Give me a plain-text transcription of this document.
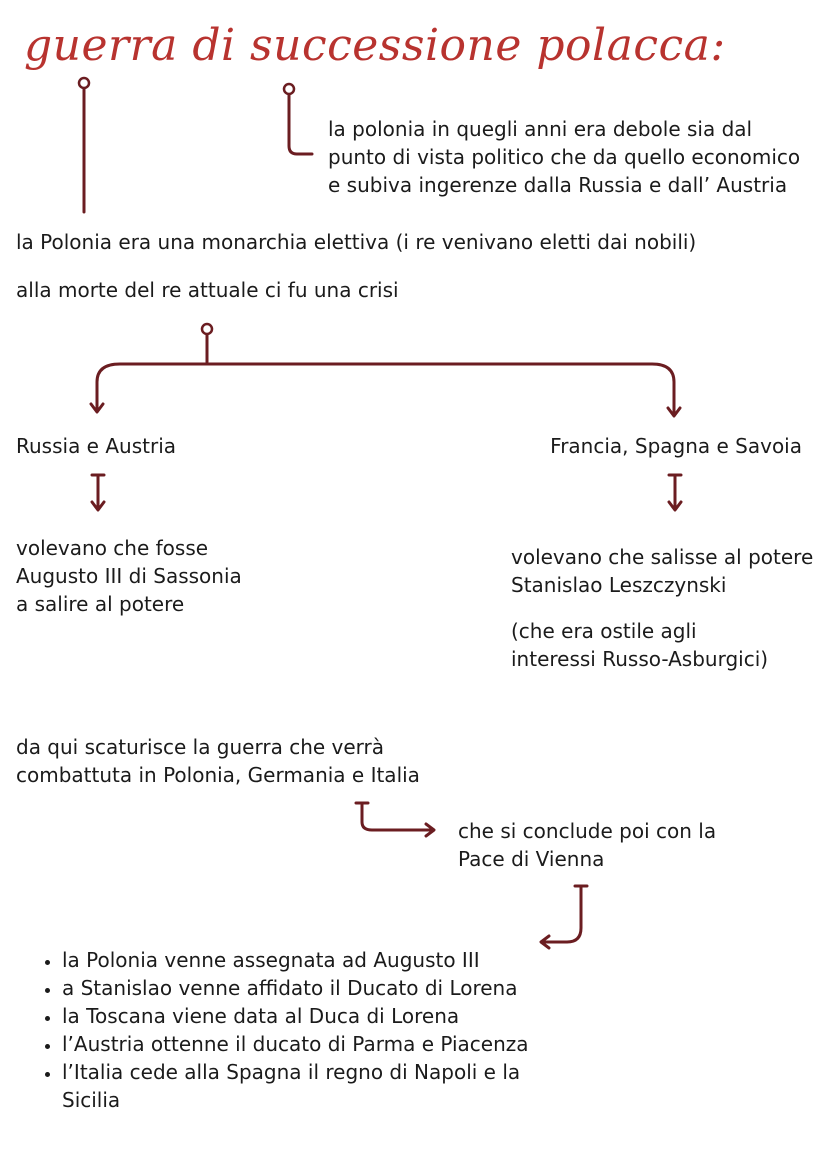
guerra di successione polacca:
la polonia in quegli anni era debole sia dal
punto di vista politico che da quello economico
e subiva ingerenze dalla Russia e dall’ Austria

la Polonia era una monarchia elettiva (i re venivano eletti dai nobili)

alla morte del re attuale ci fu una crisi

Russia e Austria	Francia, Spagna e Savoia

volevano che fosse
Augusto III di Sassonia
a salire al potere
volevano che salisse al potere
Stanislao Leszczynski
(che era ostile agli
interessi Russo-Asburgici)
da qui scaturisce la guerra che verrà
combattuta in Polonia, Germania e Italia
che si conclude poi con la
Pace di Vienna
• la Polonia venne assegnata ad Augusto III
• a Stanislao venne affidato il Ducato di Lorena
• la Toscana viene data al Duca di Lorena
• l’Austria ottenne il ducato di Parma e Piacenza
• l’Italia cede alla Spagna il regno di Napoli e la Sicilia
